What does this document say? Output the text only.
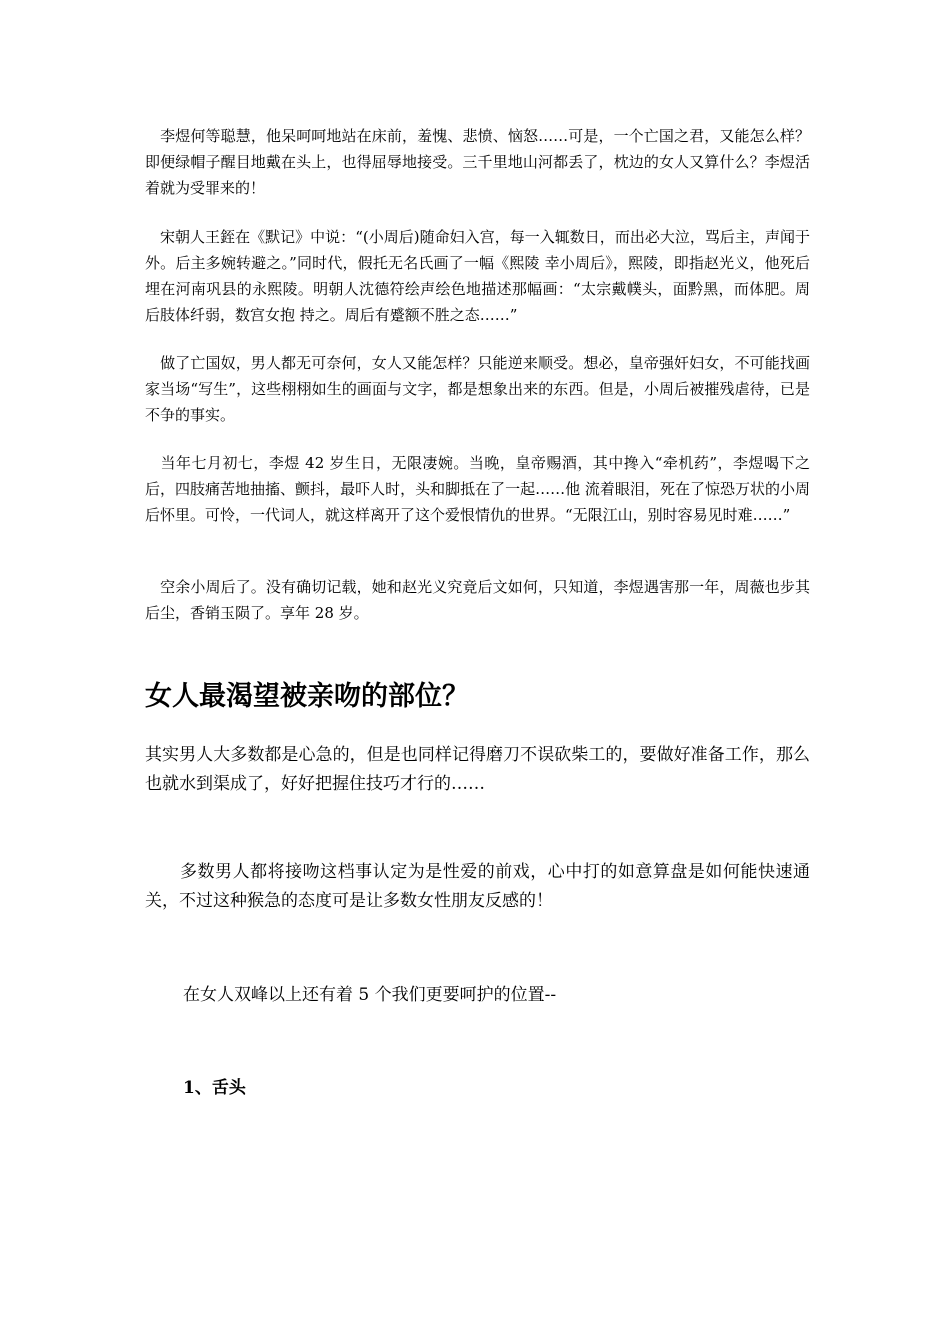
　李煜何等聪慧，他呆呵呵地站在床前，羞愧、悲愤、恼怒……可是，一个亡国之君，又能怎么样？即便绿帽子醒目地戴在头上，也得屈辱地接受。三千里地山河都丢了，枕边的女人又算什么？李煜活着就为受罪来的！

　宋朝人王銍在《默记》中说：“(小周后)随命妇入宫，每一入辄数日，而出必大泣，骂后主，声闻于外。后主多婉转避之。”同时代，假托无名氏画了一幅《熙陵 幸小周后》，熙陵，即指赵光义，他死后埋在河南巩县的永熙陵。明朝人沈德符绘声绘色地描述那幅画：“太宗戴幞头，面黔黑，而体肥。周后肢体纤弱，数宫女抱 持之。周后有蹙额不胜之态……”

　做了亡国奴，男人都无可奈何，女人又能怎样？只能逆来顺受。想必，皇帝强奸妇女，不可能找画家当场“写生”，这些栩栩如生的画面与文字，都是想象出来的东西。但是，小周后被摧残虐待，已是不争的事实。

　当年七月初七，李煜 42 岁生日，无限凄婉。当晚，皇帝赐酒，其中搀入“牵机药”，李煜喝下之后，四肢痛苦地抽搐、颤抖，最吓人时，头和脚抵在了一起……他 流着眼泪，死在了惊恐万状的小周后怀里。可怜，一代词人，就这样离开了这个爱恨情仇的世界。“无限江山，别时容易见时难……”

　空余小周后了。没有确切记载，她和赵光义究竟后文如何，只知道，李煜遇害那一年，周薇也步其后尘，香销玉陨了。享年 28 岁。

女人最渴望被亲吻的部位？

其实男人大多数都是心急的，但是也同样记得磨刀不误砍柴工的，要做好准备工作，那么也就水到渠成了，好好把握住技巧才行的……

　　多数男人都将接吻这档事认定为是性爱的前戏，心中打的如意算盘是如何能快速通关，不过这种猴急的态度可是让多数女性朋友反感的！

在女人双峰以上还有着 5 个我们更要呵护的位置--

1、舌头
